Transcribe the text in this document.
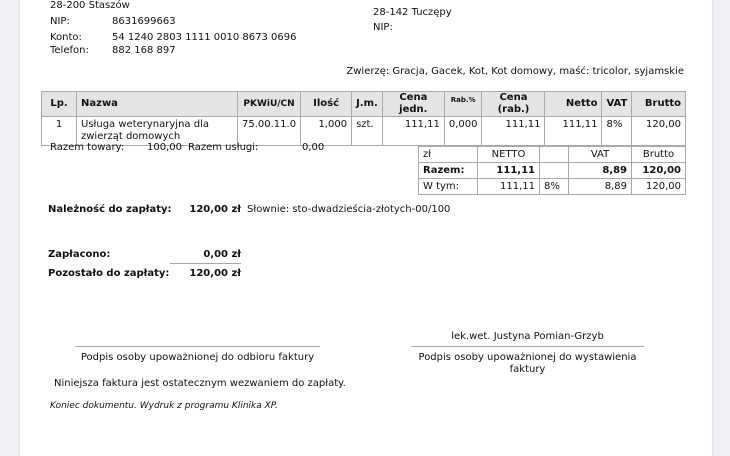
28-200 Staszów
NIP:	8631699663
Konto:	54 1240 2803 1111 0010 8673 0696
Telefon: 882 168 897
28-142 Tuczępy
NIP:
Zwierzę: Gracja, Gacek, Kot, Kot domowy, maść: tricolor, syjamskie
Lp.	Nazwa	PKWiU/CN	Ilość	J.m.	Cena jedn.	Rab.%	Cena (rab.)	Netto	VAT	Brutto
1	Usługa weterynaryjna dla zwierząt domowych	75.00.11.0	1,000	szt.	111,11	0,000	111,11	111,11	8%	120,00
Razem towary:	100,00 Razem usługi:	0,00
zł	NETTO		VAT	Brutto
Razem:	111,11		8,89	120,00
W tym:	111,11	8%	8,89	120,00
Należność do zapłaty:	120,00 zł Słownie: sto-dwadzieścia-złotych-00/100
Zapłacono:	0,00 zł
Pozostało do zapłaty:	120,00 zł
Podpis osoby upoważnionej do odbioru faktury
lek.wet. Justyna Pomian-Grzyb
Podpis osoby upoważnionej do wystawienia
faktury
Niniejsza faktura jest ostatecznym wezwaniem do zapłaty.
Koniec dokumentu. Wydruk z programu Klinika XP.
